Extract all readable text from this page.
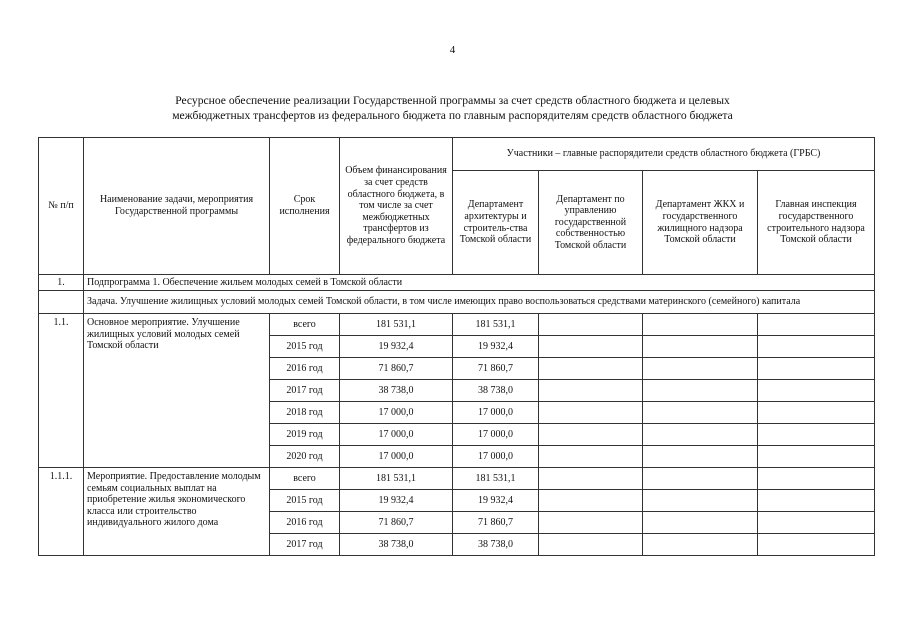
4
Ресурсное обеспечение реализации Государственной программы за счет средств областного бюджета и целевых
межбюджетных трансфертов из федерального бюджета по главным распорядителям средств областного бюджета
№ п/п	Наименование задачи, мероприятия Государственной программы	Срок исполнения	Объем финансирования за счет средств областного бюджета, в том числе за счет межбюджетных трансфертов из федерального бюджета	Участники – главные распорядители средств областного бюджета (ГРБС)			
				Департамент архитектуры и строитель-ства Томской области	Департамент по управлению государственной собственностью Томской области	Департамент ЖКХ и государственного жилищного надзора Томской области	Главная инспекция государственного строительного надзора Томской области
1.	Подпрограмма 1. Обеспечение жильем молодых семей в Томской области						
	Задача. Улучшение жилищных условий молодых семей Томской области, в том числе имеющих право воспользоваться средствами материнского (семейного) капитала						
1.1.	Основное мероприятие. Улучшение жилищных условий молодых семей Томской области	всего	181 531,1	181 531,1			
		2015 год	19 932,4	19 932,4			
		2016 год	71 860,7	71 860,7			
		2017 год	38 738,0	38 738,0			
		2018 год	17 000,0	17 000,0			
		2019 год	17 000,0	17 000,0			
		2020 год	17 000,0	17 000,0			
1.1.1.	Мероприятие. Предоставление молодым семьям социальных выплат на приобретение жилья экономического класса или строительство индивидуального жилого дома	всего	181 531,1	181 531,1			
		2015 год	19 932,4	19 932,4			
		2016 год	71 860,7	71 860,7			
		2017 год	38 738,0	38 738,0			
